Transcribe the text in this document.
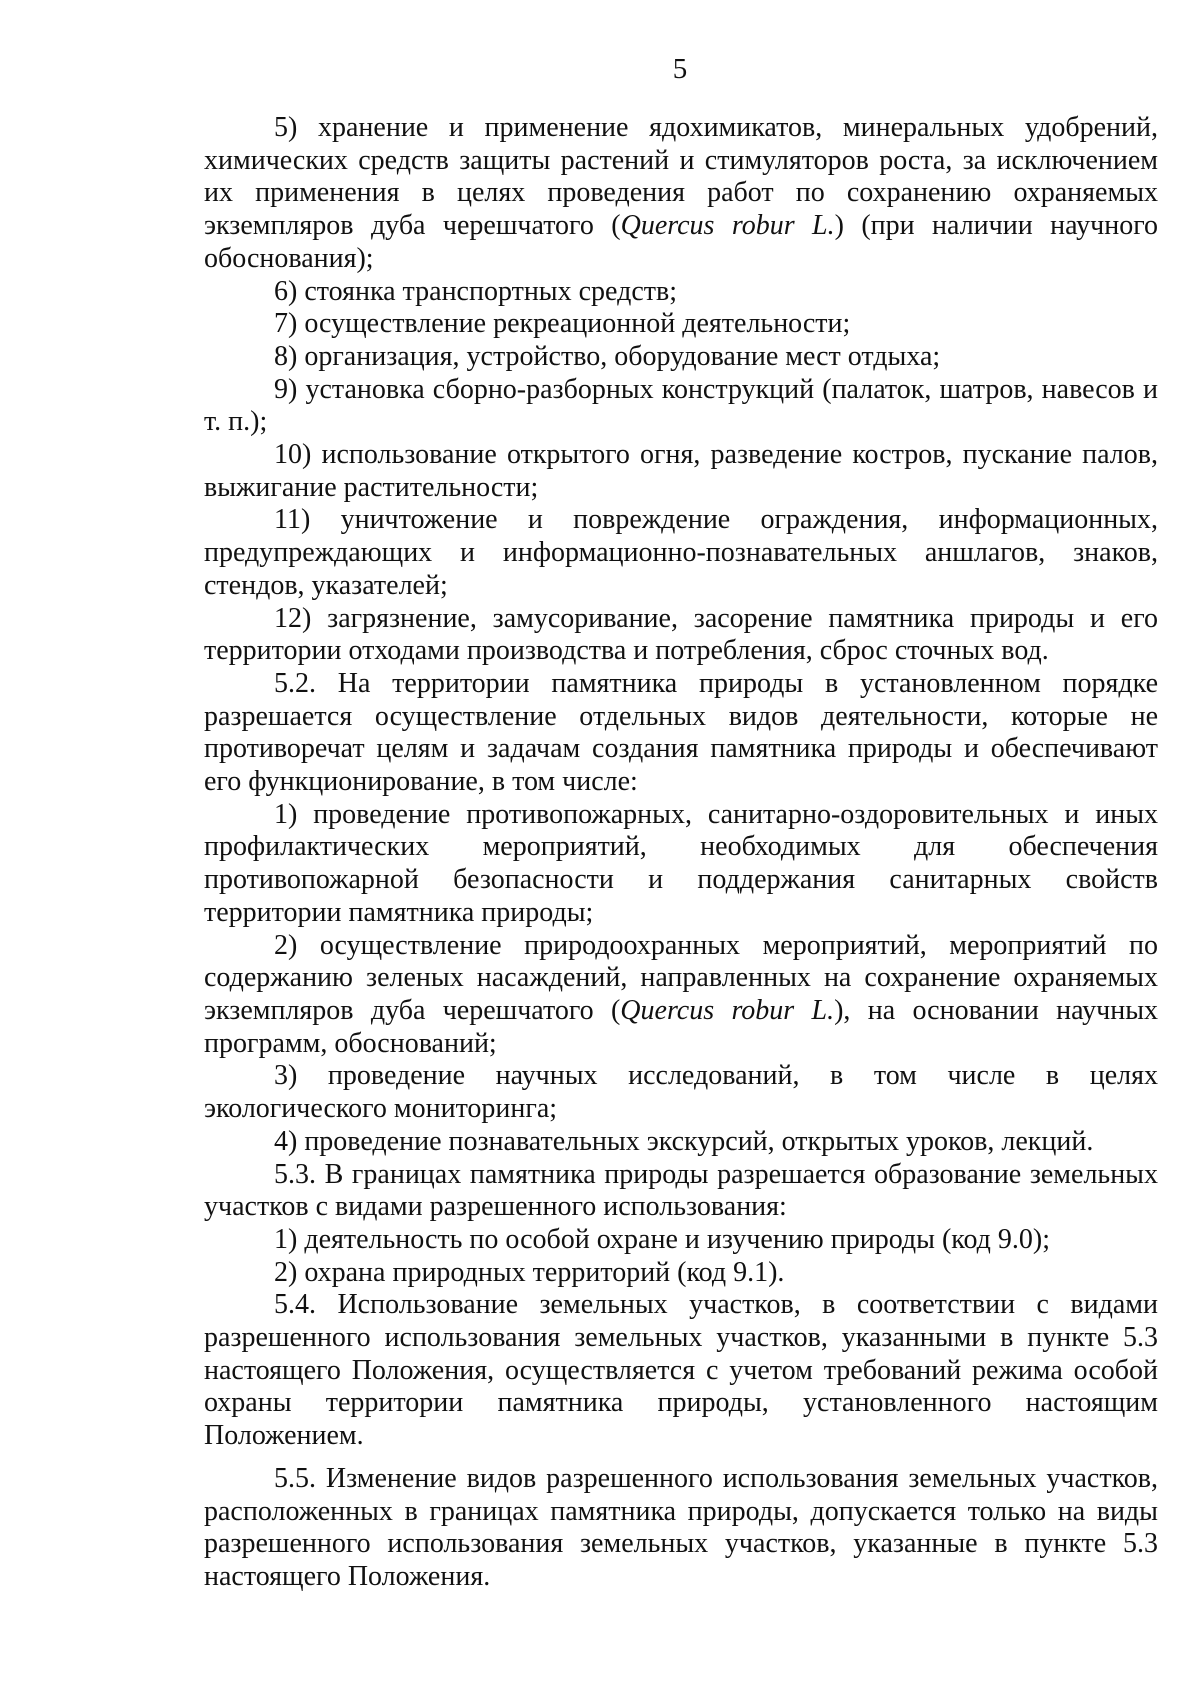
5

5) хранение и применение ядохимикатов, минеральных удобрений, химических средств защиты растений и стимуляторов роста, за исключением их применения в целях проведения работ по сохранению охраняемых экземпляров дуба черешчатого (Quercus robur L.) (при наличии научного обоснования);

6) стоянка транспортных средств;

7) осуществление рекреационной деятельности;

8) организация, устройство, оборудование мест отдыха;

9) установка сборно-разборных конструкций (палаток, шатров, навесов и т. п.);

10) использование открытого огня, разведение костров, пускание палов, выжигание растительности;

11) уничтожение и повреждение ограждения, информационных, предупреждающих и информационно-познавательных аншлагов, знаков, стендов, указателей;

12) загрязнение, замусоривание, засорение памятника природы и его территории отходами производства и потребления, сброс сточных вод.

5.2. На территории памятника природы в установленном порядке разрешается осуществление отдельных видов деятельности, которые не противоречат целям и задачам создания памятника природы и обеспечивают его функционирование, в том числе:

1) проведение противопожарных, санитарно-оздоровительных и иных профилактических мероприятий, необходимых для обеспечения противопожарной безопасности и поддержания санитарных свойств территории памятника природы;

2) осуществление природоохранных мероприятий, мероприятий по содержанию зеленых насаждений, направленных на сохранение охраняемых экземпляров дуба черешчатого (Quercus robur L.), на основании научных программ, обоснований;

3) проведение научных исследований, в том числе в целях экологического мониторинга;

4) проведение познавательных экскурсий, открытых уроков, лекций.

5.3. В границах памятника природы разрешается образование земельных участков с видами разрешенного использования:

1) деятельность по особой охране и изучению природы (код 9.0);

2) охрана природных территорий (код 9.1).

5.4. Использование земельных участков, в соответствии с видами разрешенного использования земельных участков, указанными в пункте 5.3 настоящего Положения, осуществляется с учетом требований режима особой охраны территории памятника природы, установленного настоящим Положением.

5.5. Изменение видов разрешенного использования земельных участков, расположенных в границах памятника природы, допускается только на виды разрешенного использования земельных участков, указанные в пункте 5.3 настоящего Положения.
